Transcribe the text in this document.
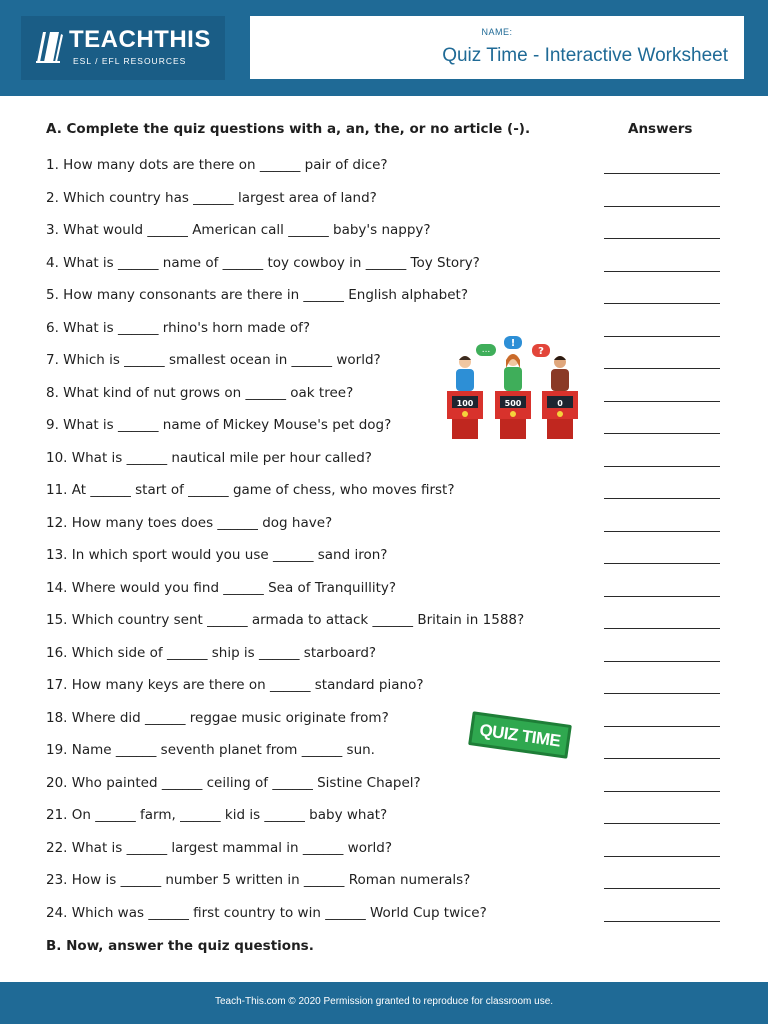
TEACHTHIS
ESL / EFL RESOURCES
NAME:
Quiz Time - Interactive Worksheet
A. Complete the quiz questions with a, an, the, or no article (-).	Answers
1. How many dots are there on ______ pair of dice?
2. Which country has ______ largest area of land?
3. What would ______ American call ______ baby's nappy?
4. What is ______ name of ______ toy cowboy in ______ Toy Story?
5. How many consonants are there in ______ English alphabet?
6. What is ______ rhino's horn made of?
7. Which is ______ smallest ocean in ______ world?
8. What kind of nut grows on ______ oak tree?
9. What is ______ name of Mickey Mouse's pet dog?
10. What is ______ nautical mile per hour called?
11. At ______ start of ______ game of chess, who moves first?
12. How many toes does ______ dog have?
13. In which sport would you use ______ sand iron?
14. Where would you find ______ Sea of Tranquillity?
15. Which country sent ______ armada to attack ______ Britain in 1588?
16. Which side of ______ ship is ______ starboard?
17. How many keys are there on ______ standard piano?
18. Where did ______ reggae music originate from?
19. Name ______ seventh planet from ______ sun.
20. Who painted ______ ceiling of ______ Sistine Chapel?
21. On ______ farm, ______ kid is ______ baby what?
22. What is ______ largest mammal in ______ world?
23. How is ______ number 5 written in ______ Roman numerals?
24. Which was ______ first country to win ______ World Cup twice?
...
!
?
100	500	0
QUIZ TIME
B. Now, answer the quiz questions.
Teach-This.com © 2020 Permission granted to reproduce for classroom use.
